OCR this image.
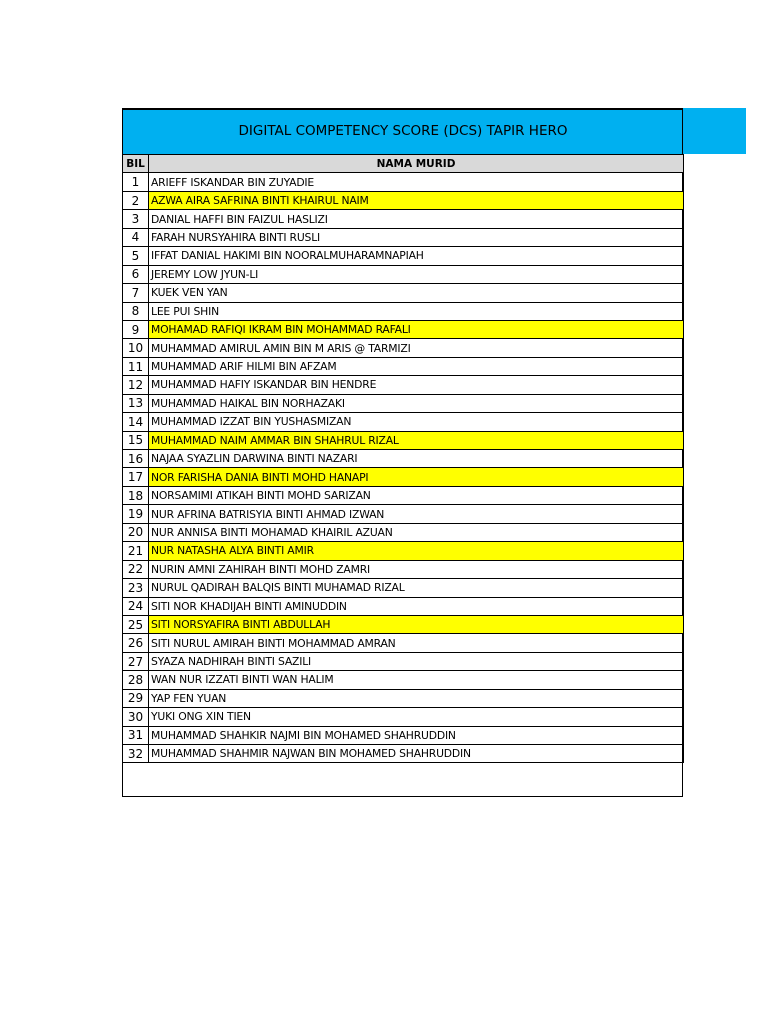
DIGITAL COMPETENCY SCORE (DCS) TAPIR HERO
BIL	NAMA MURID
1	ARIEFF ISKANDAR BIN ZUYADIE
2	AZWA AIRA SAFRINA BINTI KHAIRUL NAIM
3	DANIAL HAFFI BIN FAIZUL HASLIZI
4	FARAH NURSYAHIRA BINTI RUSLI
5	IFFAT DANIAL HAKIMI BIN NOORALMUHARAMNAPIAH
6	JEREMY LOW JYUN-LI
7	KUEK VEN YAN
8	LEE PUI SHIN
9	MOHAMAD RAFIQI IKRAM BIN MOHAMMAD RAFALI
10	MUHAMMAD AMIRUL AMIN BIN M ARIS @ TARMIZI
11	MUHAMMAD ARIF HILMI BIN AFZAM
12	MUHAMMAD HAFIY ISKANDAR BIN HENDRE
13	MUHAMMAD HAIKAL BIN NORHAZAKI
14	MUHAMMAD IZZAT BIN YUSHASMIZAN
15	MUHAMMAD NAIM AMMAR BIN SHAHRUL RIZAL
16	NAJAA SYAZLIN DARWINA BINTI NAZARI
17	NOR FARISHA DANIA BINTI MOHD HANAPI
18	NORSAMIMI ATIKAH BINTI MOHD SARIZAN
19	NUR AFRINA BATRISYIA BINTI AHMAD IZWAN
20	NUR ANNISA BINTI MOHAMAD KHAIRIL AZUAN
21	NUR NATASHA ALYA BINTI AMIR
22	NURIN AMNI ZAHIRAH BINTI MOHD ZAMRI
23	NURUL QADIRAH BALQIS BINTI MUHAMAD RIZAL
24	SITI NOR KHADIJAH BINTI AMINUDDIN
25	SITI NORSYAFIRA BINTI ABDULLAH
26	SITI NURUL AMIRAH BINTI MOHAMMAD AMRAN
27	SYAZA NADHIRAH BINTI SAZILI
28	WAN NUR IZZATI BINTI WAN HALIM
29	YAP FEN YUAN
30	YUKI ONG XIN TIEN
31	MUHAMMAD SHAHKIR NAJMI BIN MOHAMED SHAHRUDDIN
32	MUHAMMAD SHAHMIR NAJWAN BIN MOHAMED SHAHRUDDIN
